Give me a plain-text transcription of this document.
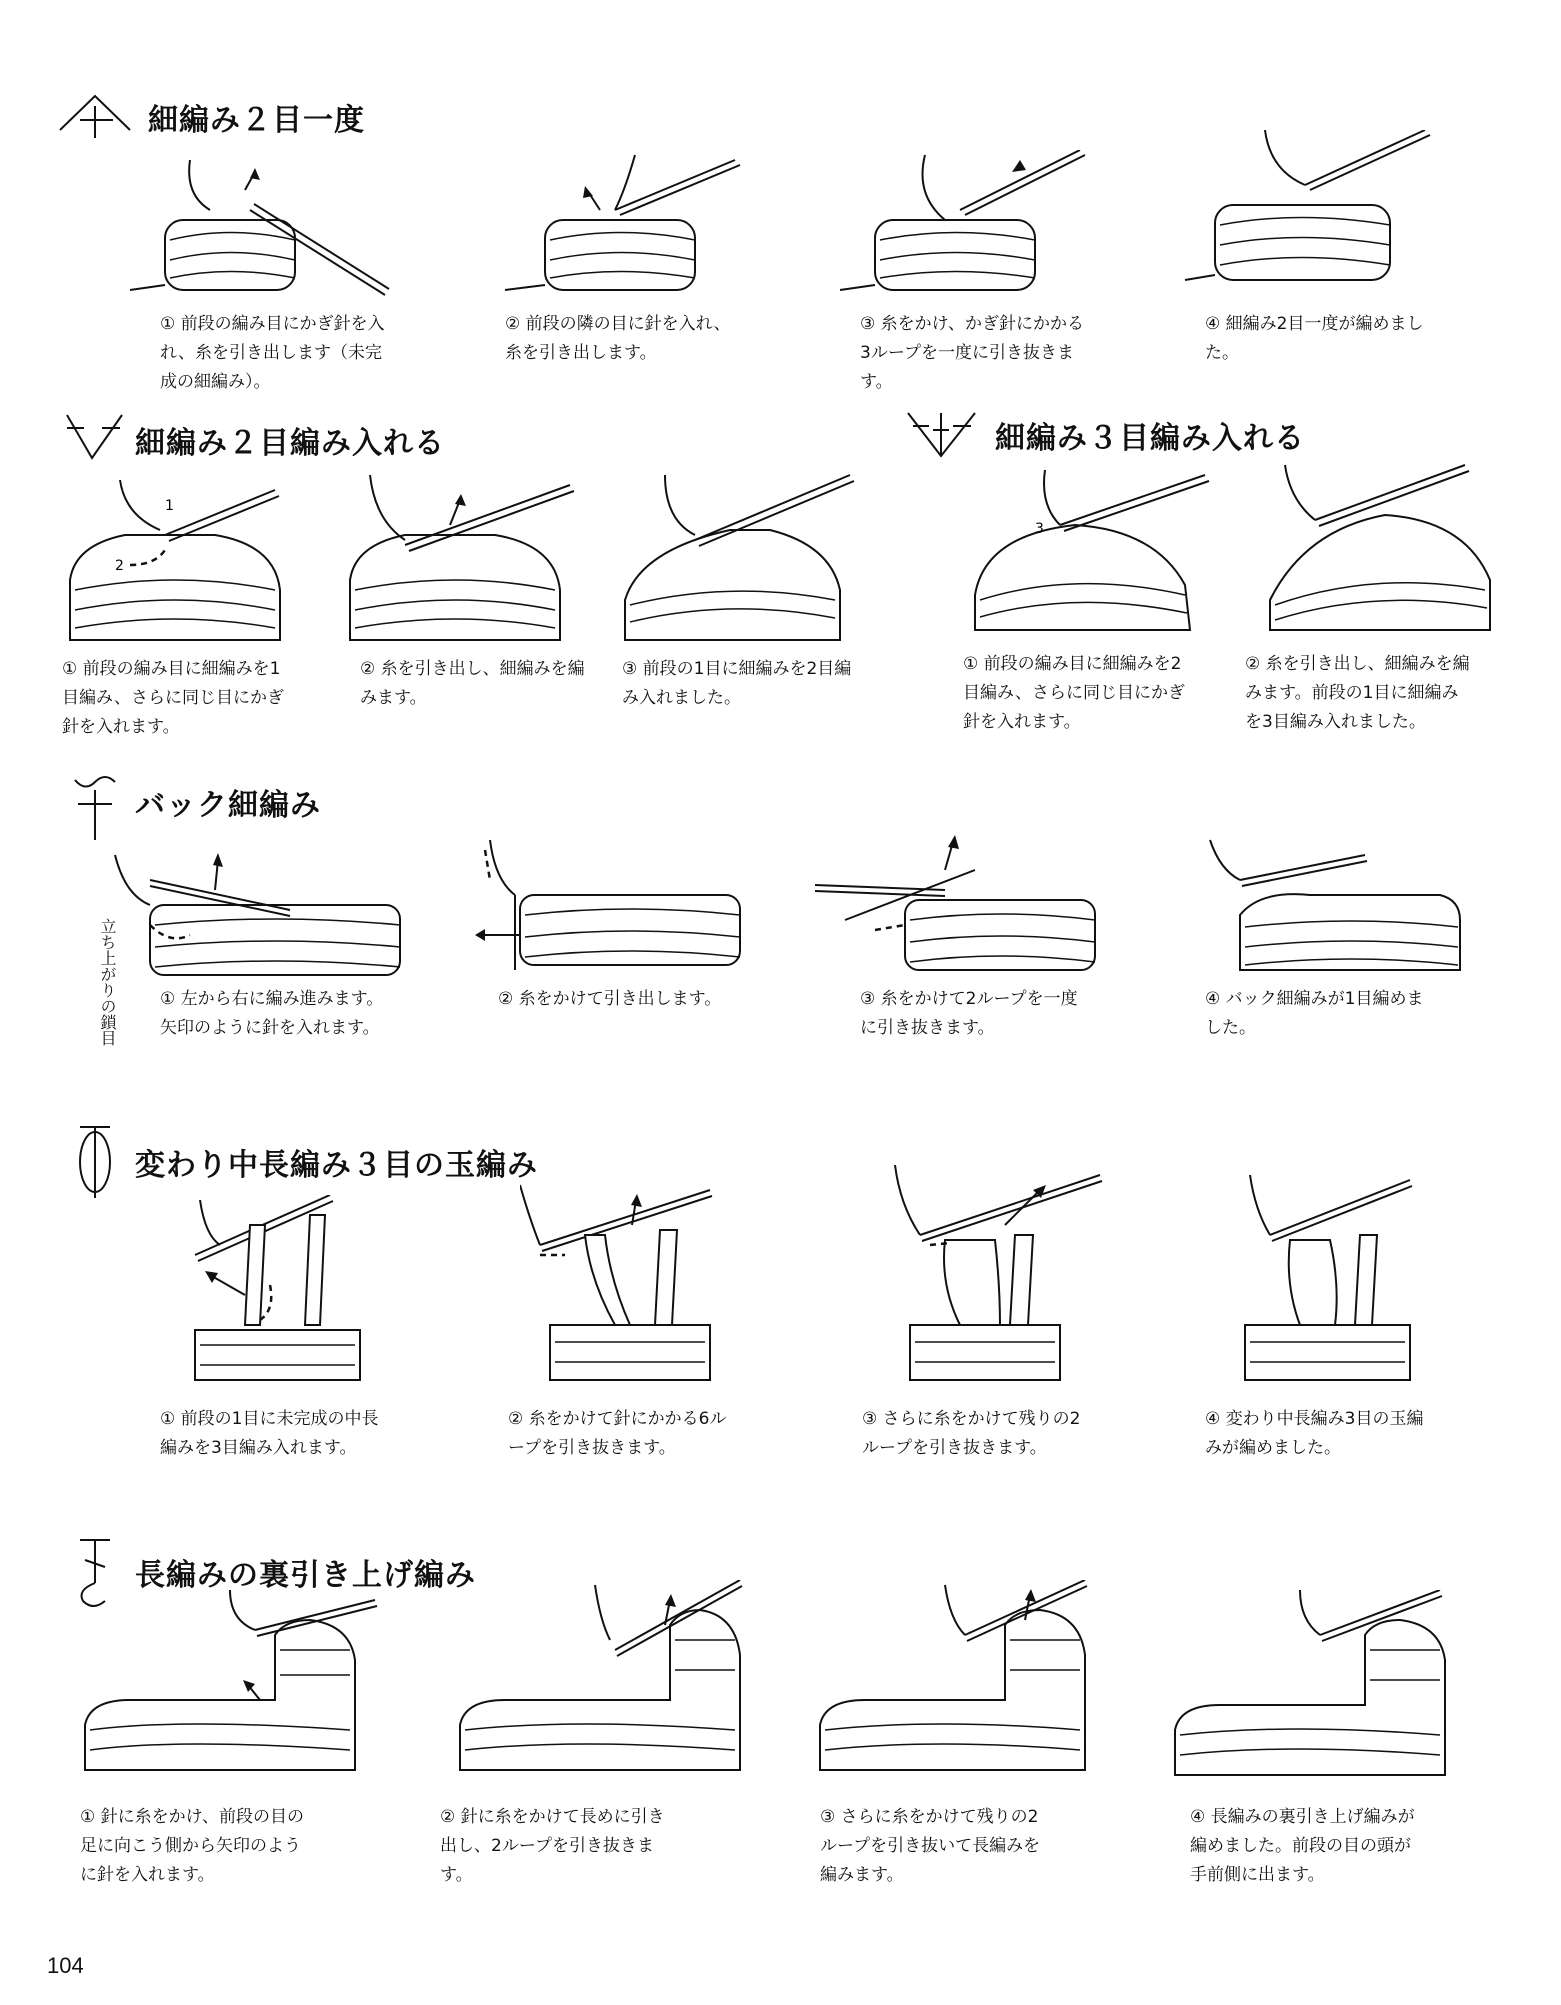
細編み２目一度
① 前段の編み目にかぎ針を入れ、糸を引き出します（未完成の細編み）。
② 前段の隣の目に針を入れ、糸を引き出します。
③ 糸をかけ、かぎ針にかかる3ループを一度に引き抜きます。
④ 細編み2目一度が編めました。
細編み２目編み入れる
1
2
① 前段の編み目に細編みを1目編み、さらに同じ目にかぎ針を入れます。
② 糸を引き出し、細編みを編みます。
③ 前段の1目に細編みを2目編み入れました。
細編み３目編み入れる
3
① 前段の編み目に細編みを2目編み、さらに同じ目にかぎ針を入れます。
② 糸を引き出し、細編みを編みます。前段の1目に細編みを3目編み入れました。
バック細編み
立ち上がりの鎖目	① 左から右に編み進みます。矢印のように針を入れます。
② 糸をかけて引き出します。	③ 糸をかけて2ループを一度に引き抜きます。
④ バック細編みが1目編めました。
変わり中長編み３目の玉編み
① 前段の1目に未完成の中長編みを3目編み入れます。
② 糸をかけて針にかかる6ループを引き抜きます。
③ さらに糸をかけて残りの2ループを引き抜きます。
④ 変わり中長編み3目の玉編みが編めました。
長編みの裏引き上げ編み
① 針に糸をかけ、前段の目の足に向こう側から矢印のように針を入れます。
② 針に糸をかけて長めに引き出し、2ループを引き抜きます。
③ さらに糸をかけて残りの2ループを引き抜いて長編みを編みます。
④ 長編みの裏引き上げ編みが編めました。前段の目の頭が手前側に出ます。
104
